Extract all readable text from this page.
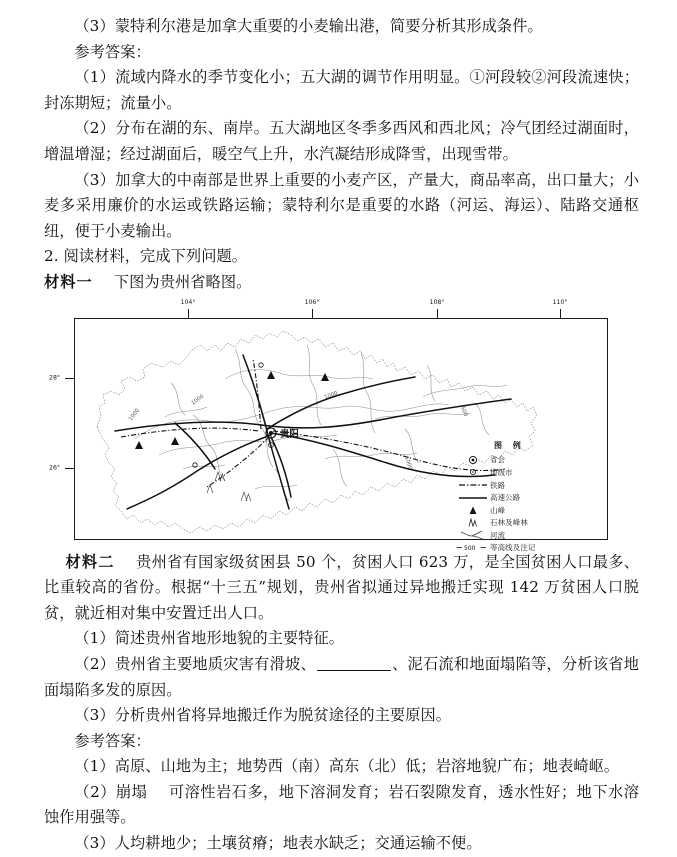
（3）蒙特利尔港是加拿大重要的小麦输出港，简要分析其形成条件。

参考答案：

（1）流域内降水的季节变化小；五大湖的调节作用明显。①河段较②河段流速快；封冻期短；流量小。

（2）分布在湖的东、南岸。五大湖地区冬季多西风和西北风；冷气团经过湖面时，增温增湿；经过湖面后，暖空气上升，水汽凝结形成降雪，出现雪带。

（3）加拿大的中南部是世界上重要的小麦产区，产量大，商品率高，出口量大；小麦多采用廉价的水运或铁路运输；蒙特利尔是重要的水路（河运、海运）、陆路交通枢纽，便于小麦输出。

2. 阅读材料，完成下列问题。

材料一 下图为贵州省略图。

104°	106°	108°	110°
28°
26°
1000	1000
500
1000
1000
贵阳
图 例
省会
地级市
铁路
高速公路
山峰
石林及峰林
河流
500 等高线及注记

材料二 贵州省有国家级贫困县 50 个，贫困人口 623 万，是全国贫困人口最多、比重较高的省份。根据“十三五”规划，贵州省拟通过异地搬迁实现 142 万贫困人口脱贫，就近相对集中安置迁出人口。

（1）简述贵州省地形地貌的主要特征。

（2）贵州省主要地质灾害有滑坡、	、泥石流和地面塌陷等，分析该省地面塌陷多发的原因。

（3）分析贵州省将异地搬迁作为脱贫途径的主要原因。

参考答案：

（1）高原、山地为主；地势西（南）高东（北）低；岩溶地貌广布；地表崎岖。

（2）崩塌 可溶性岩石多，地下溶洞发育；岩石裂隙发育，透水性好；地下水溶蚀作用强等。

（3）人均耕地少；土壤贫瘠；地表水缺乏；交通运输不便。
